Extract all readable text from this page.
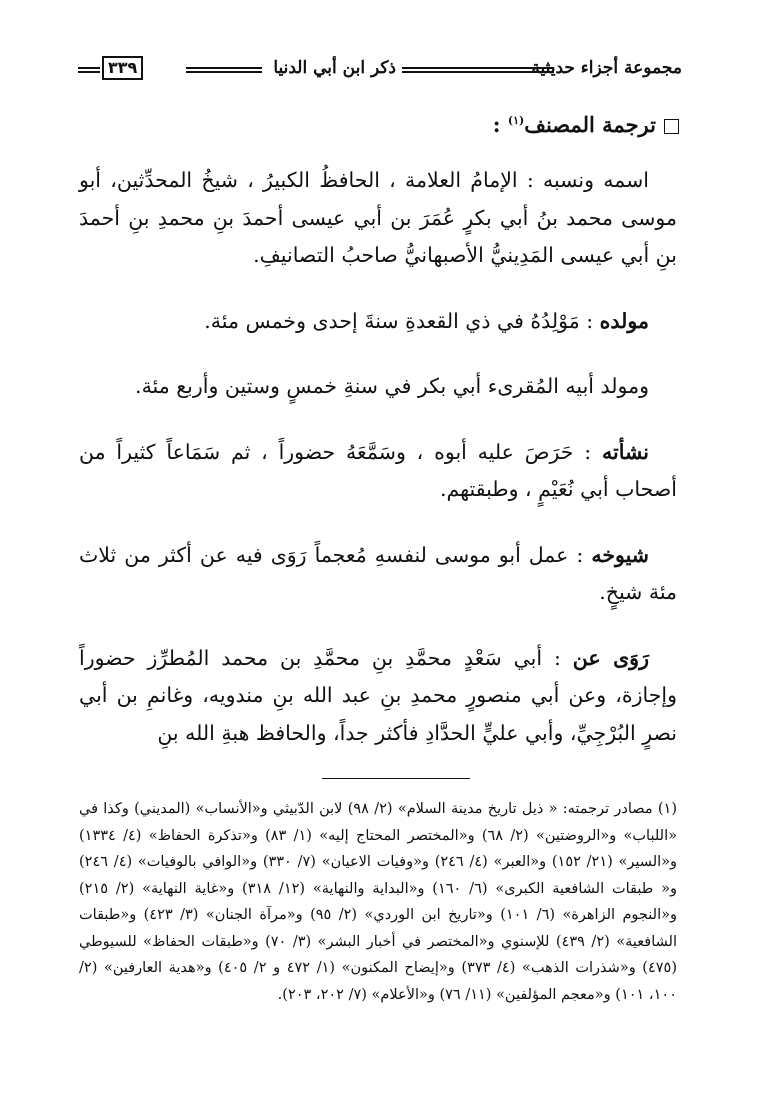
مجموعة أجزاء حديثية
ذكر ابن أبي الدنيا
٣٣٩
ترجمة المصنف$^{(١)}$ :

اسمه ونسبه : الإمامُ العلامة ، الحافظُ الكبيرُ ، شيخُ المحدِّثين، أبو موسى محمد بنُ أبي بكرٍ عُمَرَ بن أبي عيسى أحمدَ بنِ محمدِ بنِ أحمدَ بنِ أبي عيسى المَدِينيُّ الأصبهانيُّ صاحبُ التصانيفِ.

مولده : مَوْلِدُهُ في ذي القعدةِ سنةَ إحدى وخمس مئة.

ومولد أبيه المُقرىء أبي بكر في سنةِ خمسٍ وستين وأربع مئة.

نشأته : حَرَصَ عليه أبوه ، وسَمَّعَهُ حضوراً ، ثم سَمَاعاً كثيراً من أصحاب أبي نُعَيْمٍ ، وطبقتهم.

شيوخه : عمل أبو موسى لنفسهِ مُعجماً رَوَى فيه عن أكثر من ثلاث مئة شيخٍ.

رَوَى عن : أبي سَعْدٍ محمَّدِ بنِ محمَّدِ بن محمد المُطرِّز حضوراً وإجازة، وعن أبي منصورٍ محمدِ بنِ عبد الله بنِ مندويه، وغانمِ بن أبي نصرٍ البُرْجِيِّ، وأبي عليٍّ الحدَّادِ فأكثر جداً، والحافظ هبةِ الله بنِ

(١) مصادر ترجمته: « ذيل تاريخ مدينة السلام» (٢/ ٩٨) لابن الدّبيثي و«الأنساب» (المديني) وكذا في «اللباب» و«الروضتين» (٢/ ٦٨) و«المختصر المحتاج إليه» (١/ ٨٣) و«تذكرة الحفاظ» (٤/ ١٣٣٤) و«السير» (٢١/ ١٥٢) و«العبر» (٤/ ٢٤٦) و«وفيات الاعيان» (٧/ ٣٣٠) و«الوافي بالوفيات» (٤/ ٢٤٦) و« طبقات الشافعية الكبرى» (٦/ ١٦٠) و«البداية والنهاية» (١٢/ ٣١٨) و«غاية النهاية» (٢/ ٢١٥) و«النجوم الزاهرة» (٦/ ١٠١) و«تاريخ ابن الوردي» (٢/ ٩٥) و«مرآة الجنان» (٣/ ٤٢٣) و«طبقات الشافعية» (٢/ ٤٣٩) للإسنوي و«المختصر في أخبار البشر» (٣/ ٧٠) و«طبقات الحفاظ» للسيوطي (٤٧٥) و«شذرات الذهب» (٤/ ٣٧٣) و«إيضاح المكنون» (١/ ٤٧٢ و ٢/ ٤٠٥) و«هدية العارفين» (٢/ ١٠٠، ١٠١) و«معجم المؤلفين» (١١/ ٧٦) و«الأعلام» (٧/ ٢٠٢، ٢٠٣).
